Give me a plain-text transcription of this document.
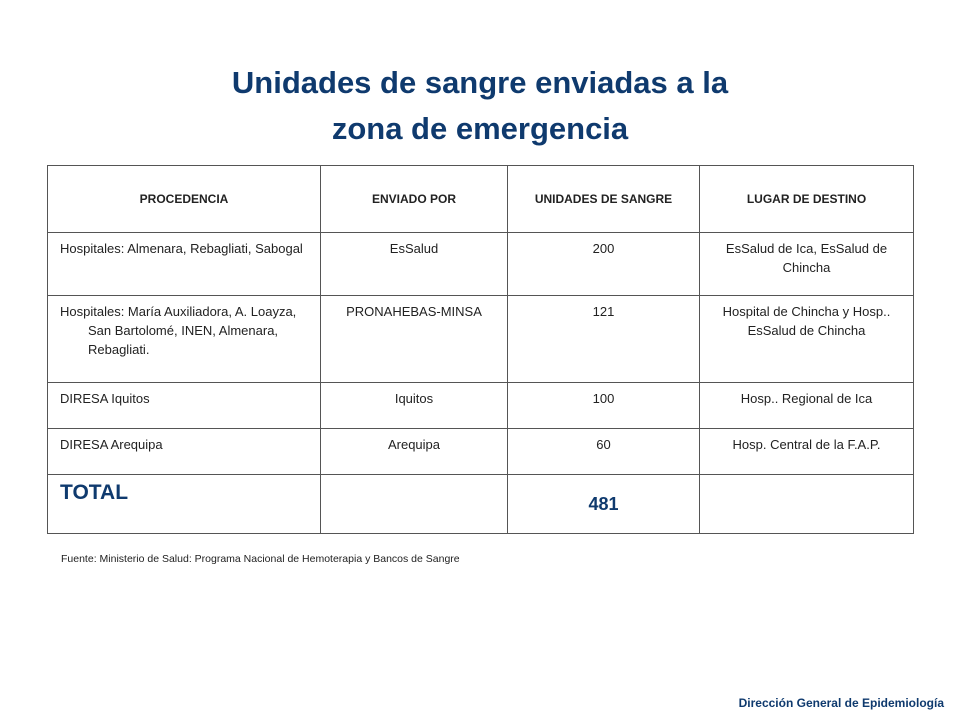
Unidades de sangre enviadas a la
zona de emergencia
PROCEDENCIA	ENVIADO POR	UNIDADES DE SANGRE	LUGAR DE DESTINO

Hospitales: Almenara, Rebagliati, Sabogal	EsSalud	200	EsSalud de Ica, EsSalud de Chincha

Hospitales: María Auxiliadora, A. Loayza, San Bartolomé, INEN, Almenara, Rebagliati.	PRONAHEBAS-MINSA	121	Hospital de Chincha y Hosp.. EsSalud de Chincha

DIRESA Iquitos	Iquitos	100	Hosp.. Regional de Ica

DIRESA Arequipa	Arequipa	60	Hosp. Central de la F.A.P.

TOTAL		481	

Fuente: Ministerio de Salud: Programa Nacional de Hemoterapia y Bancos de Sangre
Dirección General de Epidemiología
